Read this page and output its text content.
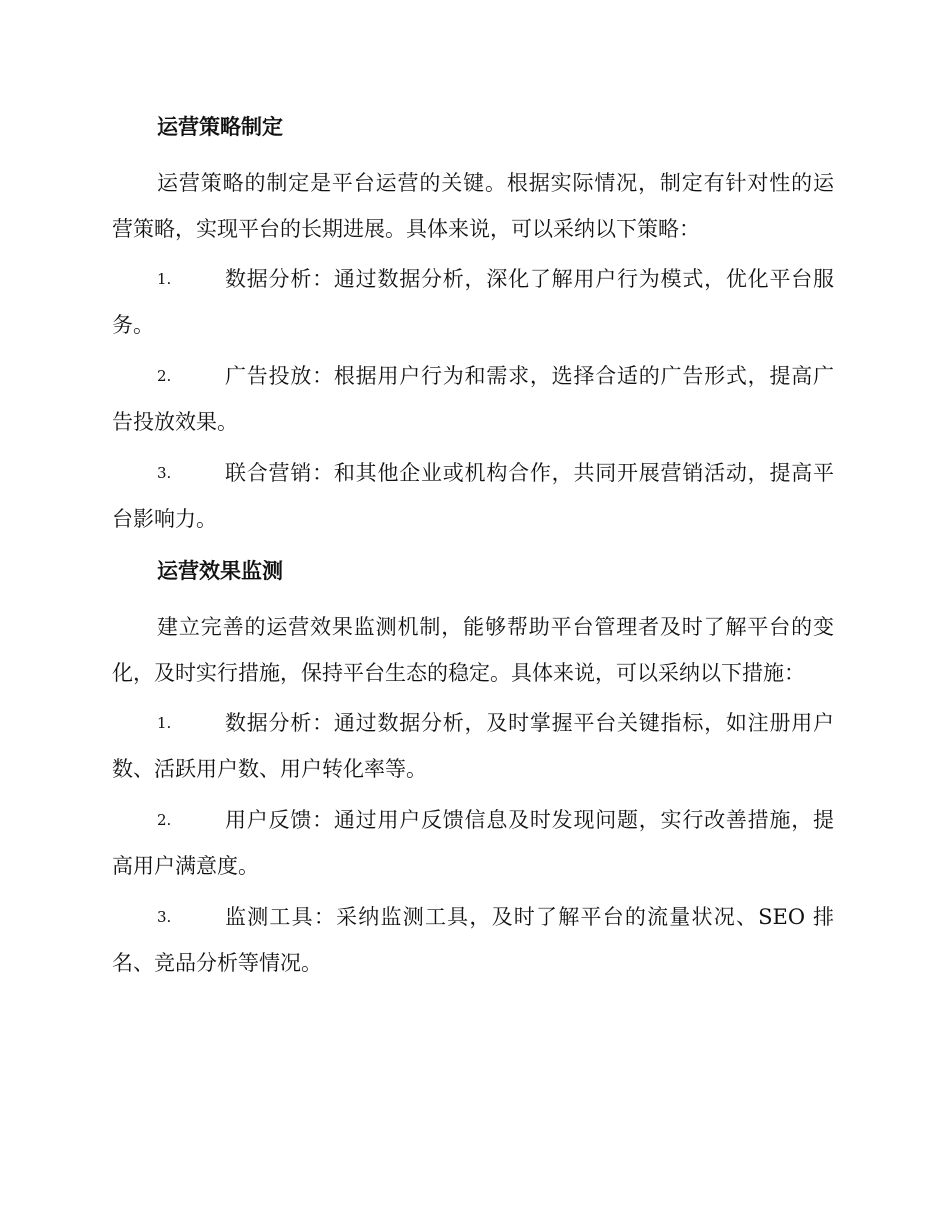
运营策略制定

运营策略的制定是平台运营的关键。根据实际情况，制定有针对性的运
营策略，实现平台的长期进展。具体来说，可以采纳以下策略：

1.	数据分析：通过数据分析，深化了解用户行为模式，优化平台服
务。
2.	广告投放：根据用户行为和需求，选择合适的广告形式，提高广
告投放效果。
3.	联合营销：和其他企业或机构合作，共同开展营销活动，提高平
台影响力。
运营效果监测

建立完善的运营效果监测机制，能够帮助平台管理者及时了解平台的变
化，及时实行措施，保持平台生态的稳定。具体来说，可以采纳以下措施：

1.	数据分析：通过数据分析，及时掌握平台关键指标，如注册用户
数、活跃用户数、用户转化率等。
2.	用户反馈：通过用户反馈信息及时发现问题，实行改善措施，提
高用户满意度。
3.	监测工具：采纳监测工具，及时了解平台的流量状况、SEO 排
名、竞品分析等情况。
